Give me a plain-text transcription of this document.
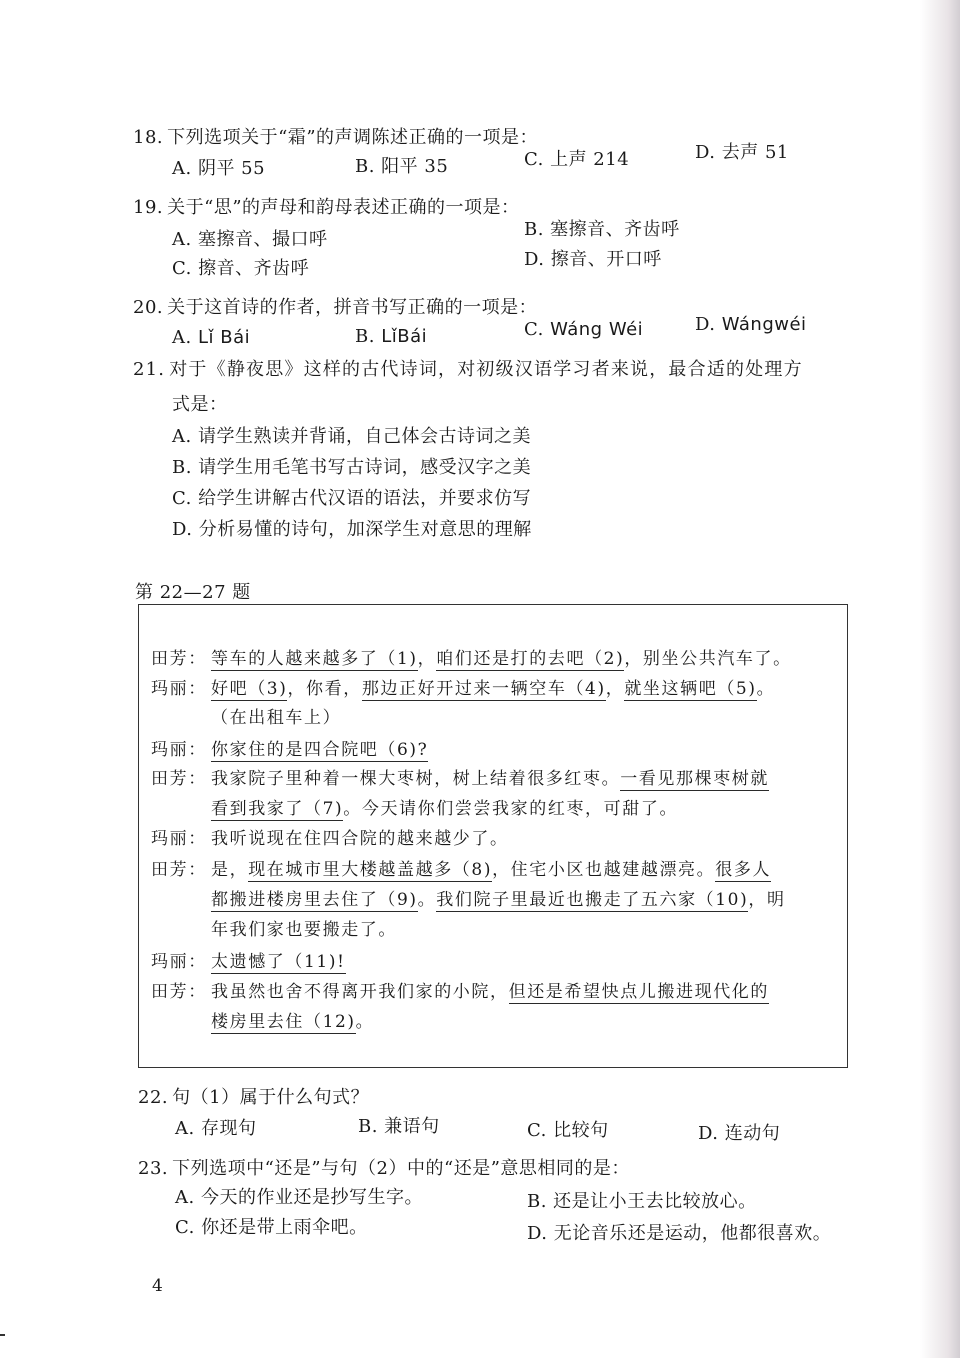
18. 下列选项关于“霜”的声调陈述正确的一项是：
A. 阴平 55	B. 阳平 35	C. 上声 214	D. 去声 51
19. 关于“思”的声母和韵母表述正确的一项是：
A. 塞擦音、撮口呼	B. 塞擦音、齐齿呼
C. 擦音、齐齿呼	D. 擦音、开口呼
20. 关于这首诗的作者，拼音书写正确的一项是：
A. Lǐ Bái	B. LǐBái	C. Wáng Wéi	D. Wángwéi
21. 对于《静夜思》这样的古代诗词，对初级汉语学习者来说，最合适的处理方
式是：
A. 请学生熟读并背诵，自己体会古诗词之美
B. 请学生用毛笔书写古诗词，感受汉字之美
C. 给学生讲解古代汉语的语法，并要求仿写
D. 分析易懂的诗句，加深学生对意思的理解
第 22—27 题
田芳： 等车的人越来越多了（1)，咱们还是打的去吧（2)，别坐公共汽车了。
玛丽： 好吧（3)，你看，那边正好开过来一辆空车（4)，就坐这辆吧（5)。
（在出租车上）
玛丽： 你家住的是四合院吧（6)?
田芳： 我家院子里种着一棵大枣树，树上结着很多红枣。一看见那棵枣树就
看到我家了（7)。今天请你们尝尝我家的红枣，可甜了。
玛丽： 我听说现在住四合院的越来越少了。
田芳： 是，现在城市里大楼越盖越多（8)，住宅小区也越建越漂亮。很多人
都搬进楼房里去住了（9)。我们院子里最近也搬走了五六家（10)，明
年我们家也要搬走了。
玛丽： 太遗憾了（11)!
田芳： 我虽然也舍不得离开我们家的小院，但还是希望快点儿搬进现代化的
楼房里去住（12)。
22. 句（1）属于什么句式？
A. 存现句	B. 兼语句	C. 比较句	D. 连动句
23. 下列选项中“还是”与句（2）中的“还是”意思相同的是：
A. 今天的作业还是抄写生字。	B. 还是让小王去比较放心。
C. 你还是带上雨伞吧。	D. 无论音乐还是运动，他都很喜欢。
4
